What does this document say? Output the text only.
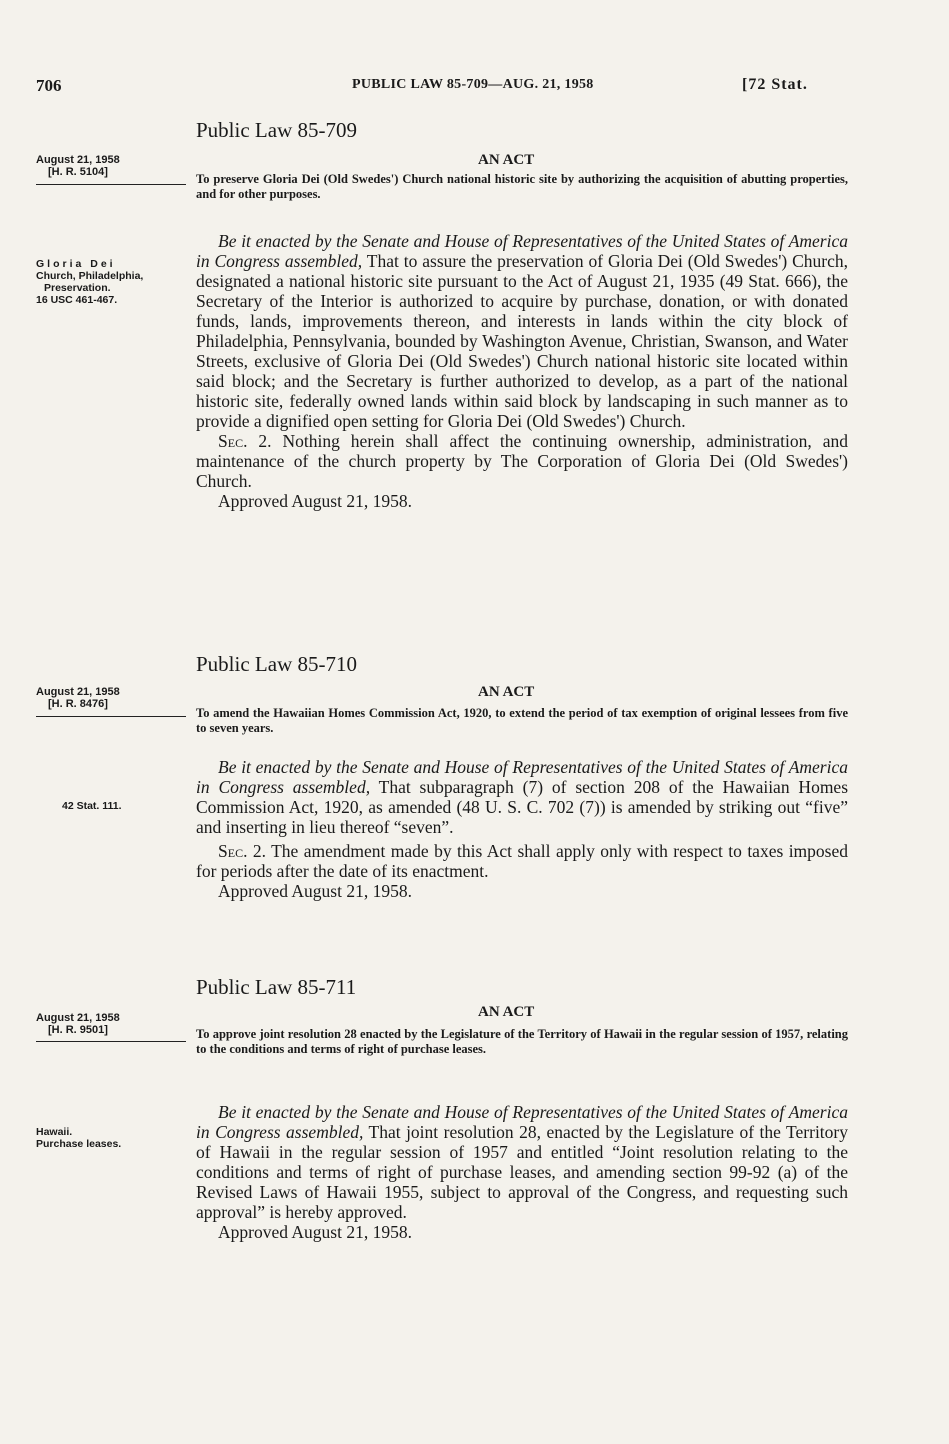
706	PUBLIC LAW 85-709—AUG. 21, 1958	[72 Stat.
Public Law 85-709
AN ACT
August 21, 1958
[H. R. 5104]	To preserve Gloria Dei (Old Swedes') Church national historic site by authorizing the acquisition of abutting properties, and for other purposes.
Gloria Dei
Church, Philadelphia,
Preservation.
16 USC 461-467.

Be it enacted by the Senate and House of Representatives of the United States of America in Congress assembled, That to assure the preservation of Gloria Dei (Old Swedes') Church, designated a national historic site pursuant to the Act of August 21, 1935 (49 Stat. 666), the Secretary of the Interior is authorized to acquire by purchase, donation, or with donated funds, lands, improvements thereon, and interests in lands within the city block of Philadelphia, Pennsylvania, bounded by Washington Avenue, Christian, Swanson, and Water Streets, exclusive of Gloria Dei (Old Swedes') Church national historic site located within said block; and the Secretary is further authorized to develop, as a part of the national historic site, federally owned lands within said block by landscaping in such manner as to provide a dignified open setting for Gloria Dei (Old Swedes') Church.

Sec. 2. Nothing herein shall affect the continuing ownership, administration, and maintenance of the church property by The Corporation of Gloria Dei (Old Swedes') Church.

Approved August 21, 1958.

Public Law 85-710
AN ACT
August 21, 1958
[H. R. 8476]
To amend the Hawaiian Homes Commission Act, 1920, to extend the period of tax exemption of original lessees from five to seven years.
42 Stat. 111.

Be it enacted by the Senate and House of Representatives of the United States of America in Congress assembled, That subparagraph (7) of section 208 of the Hawaiian Homes Commission Act, 1920, as amended (48 U. S. C. 702 (7)) is amended by striking out “five” and inserting in lieu thereof “seven”.

Sec. 2. The amendment made by this Act shall apply only with respect to taxes imposed for periods after the date of its enactment.

Approved August 21, 1958.

Public Law 85-711
AN ACT
August 21, 1958
[H. R. 9501]	To approve joint resolution 28 enacted by the Legislature of the Territory of Hawaii in the regular session of 1957, relating to the conditions and terms of right of purchase leases.
Hawaii.
Purchase leases.

Be it enacted by the Senate and House of Representatives of the United States of America in Congress assembled, That joint resolution 28, enacted by the Legislature of the Territory of Hawaii in the regular session of 1957 and entitled “Joint resolution relating to the conditions and terms of right of purchase leases, and amending section 99-92 (a) of the Revised Laws of Hawaii 1955, subject to approval of the Congress, and requesting such approval” is hereby approved.

Approved August 21, 1958.
